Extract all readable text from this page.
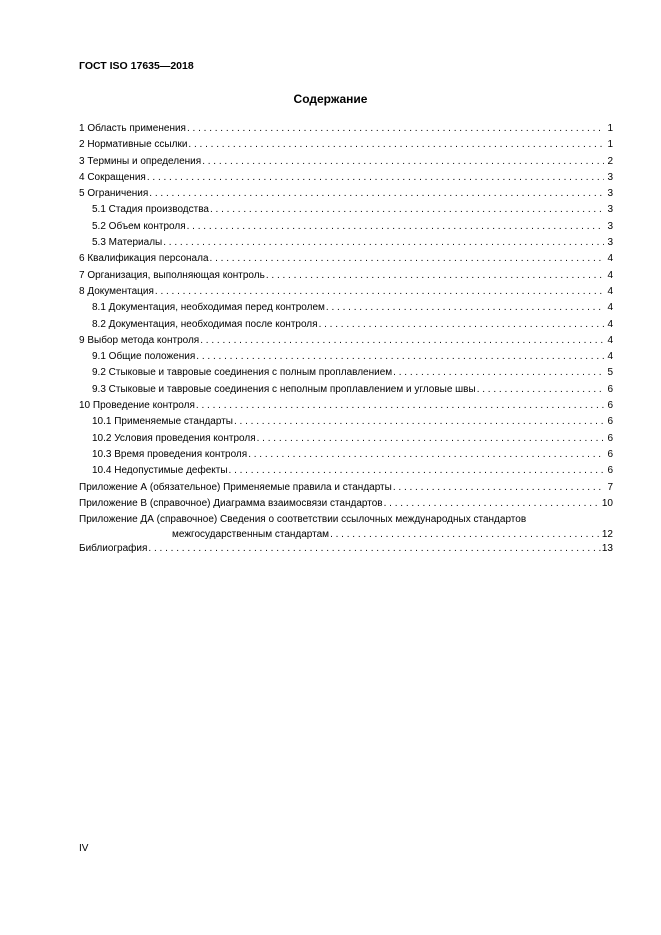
ГОСТ ISO 17635—2018
Содержание
1 Область применения . . .	1
2 Нормативные ссылки . . .	1
3 Термины и определения . . .	2
4 Сокращения . . .	3
5 Ограничения . . .	3
5.1 Стадия производства . . .	3
5.2 Объем контроля . . .	3
5.3 Материалы . . .	3
6 Квалификация персонала . . .	4
7 Организация, выполняющая контроль . . .	4
8 Документация . . .	4
8.1 Документация, необходимая перед контролем . . .	4
8.2 Документация, необходимая после контроля . . .	4
9 Выбор метода контроля . . .	4
9.1 Общие положения . . .	4
9.2 Стыковые и тавровые соединения с полным проплавлением . . .	5
9.3 Стыковые и тавровые соединения с неполным проплавлением и угловые швы . . .	6
10 Проведение контроля . . .	6
10.1 Применяемые стандарты . . .	6
10.2 Условия проведения контроля . . .	6
10.3 Время проведения контроля . . .	6
10.4 Недопустимые дефекты . . .	6
Приложение А (обязательное) Применяемые правила и стандарты . . .	7
Приложение В (справочное) Диаграмма взаимосвязи стандартов . . .	10
Приложение ДА (справочное) Сведения о соответствии ссылочных международных стандартов
межгосударственным стандартам . . .	12
Библиография . . .	13
IV
